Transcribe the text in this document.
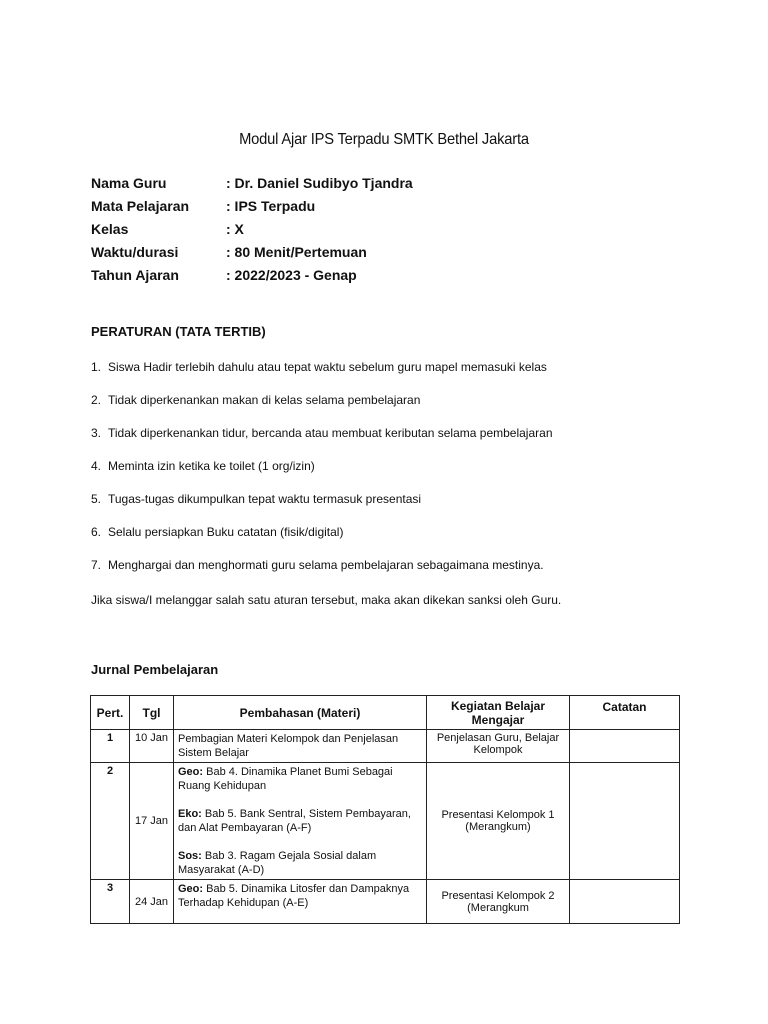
Modul Ajar IPS Terpadu SMTK Bethel Jakarta
Nama Guru	: Dr. Daniel Sudibyo Tjandra
Mata Pelajaran	: IPS Terpadu
Kelas	: X
Waktu/durasi	: 80 Menit/Pertemuan
Tahun Ajaran	: 2022/2023 - Genap
PERATURAN (TATA TERTIB)
1. Siswa Hadir terlebih dahulu atau tepat waktu sebelum guru mapel memasuki kelas
2. Tidak diperkenankan makan di kelas selama pembelajaran
3. Tidak diperkenankan tidur, bercanda atau membuat keributan selama pembelajaran
4. Meminta izin ketika ke toilet (1 org/izin)
5. Tugas-tugas dikumpulkan tepat waktu termasuk presentasi
6. Selalu persiapkan Buku catatan (fisik/digital)
7. Menghargai dan menghormati guru selama pembelajaran sebagaimana mestinya.
Jika siswa/I melanggar salah satu aturan tersebut, maka akan dikekan sanksi oleh Guru.
Jurnal Pembelajaran
Pert.	Tgl	Pembahasan (Materi)	Kegiatan Belajar Mengajar	Catatan
1	10 Jan	Pembagian Materi Kelompok dan Penjelasan Sistem Belajar	Penjelasan Guru, Belajar Kelompok	
2	17 Jan	Geo: Bab 4. Dinamika Planet Bumi Sebagai Ruang Kehidupan
Eko: Bab 5. Bank Sentral, Sistem Pembayaran, dan Alat Pembayaran (A-F)
Sos: Bab 3. Ragam Gejala Sosial dalam Masyarakat (A-D)	Presentasi Kelompok 1 (Merangkum)	
3	24 Jan	Geo: Bab 5. Dinamika Litosfer dan Dampaknya Terhadap Kehidupan (A-E)	Presentasi Kelompok 2 (Merangkum	
